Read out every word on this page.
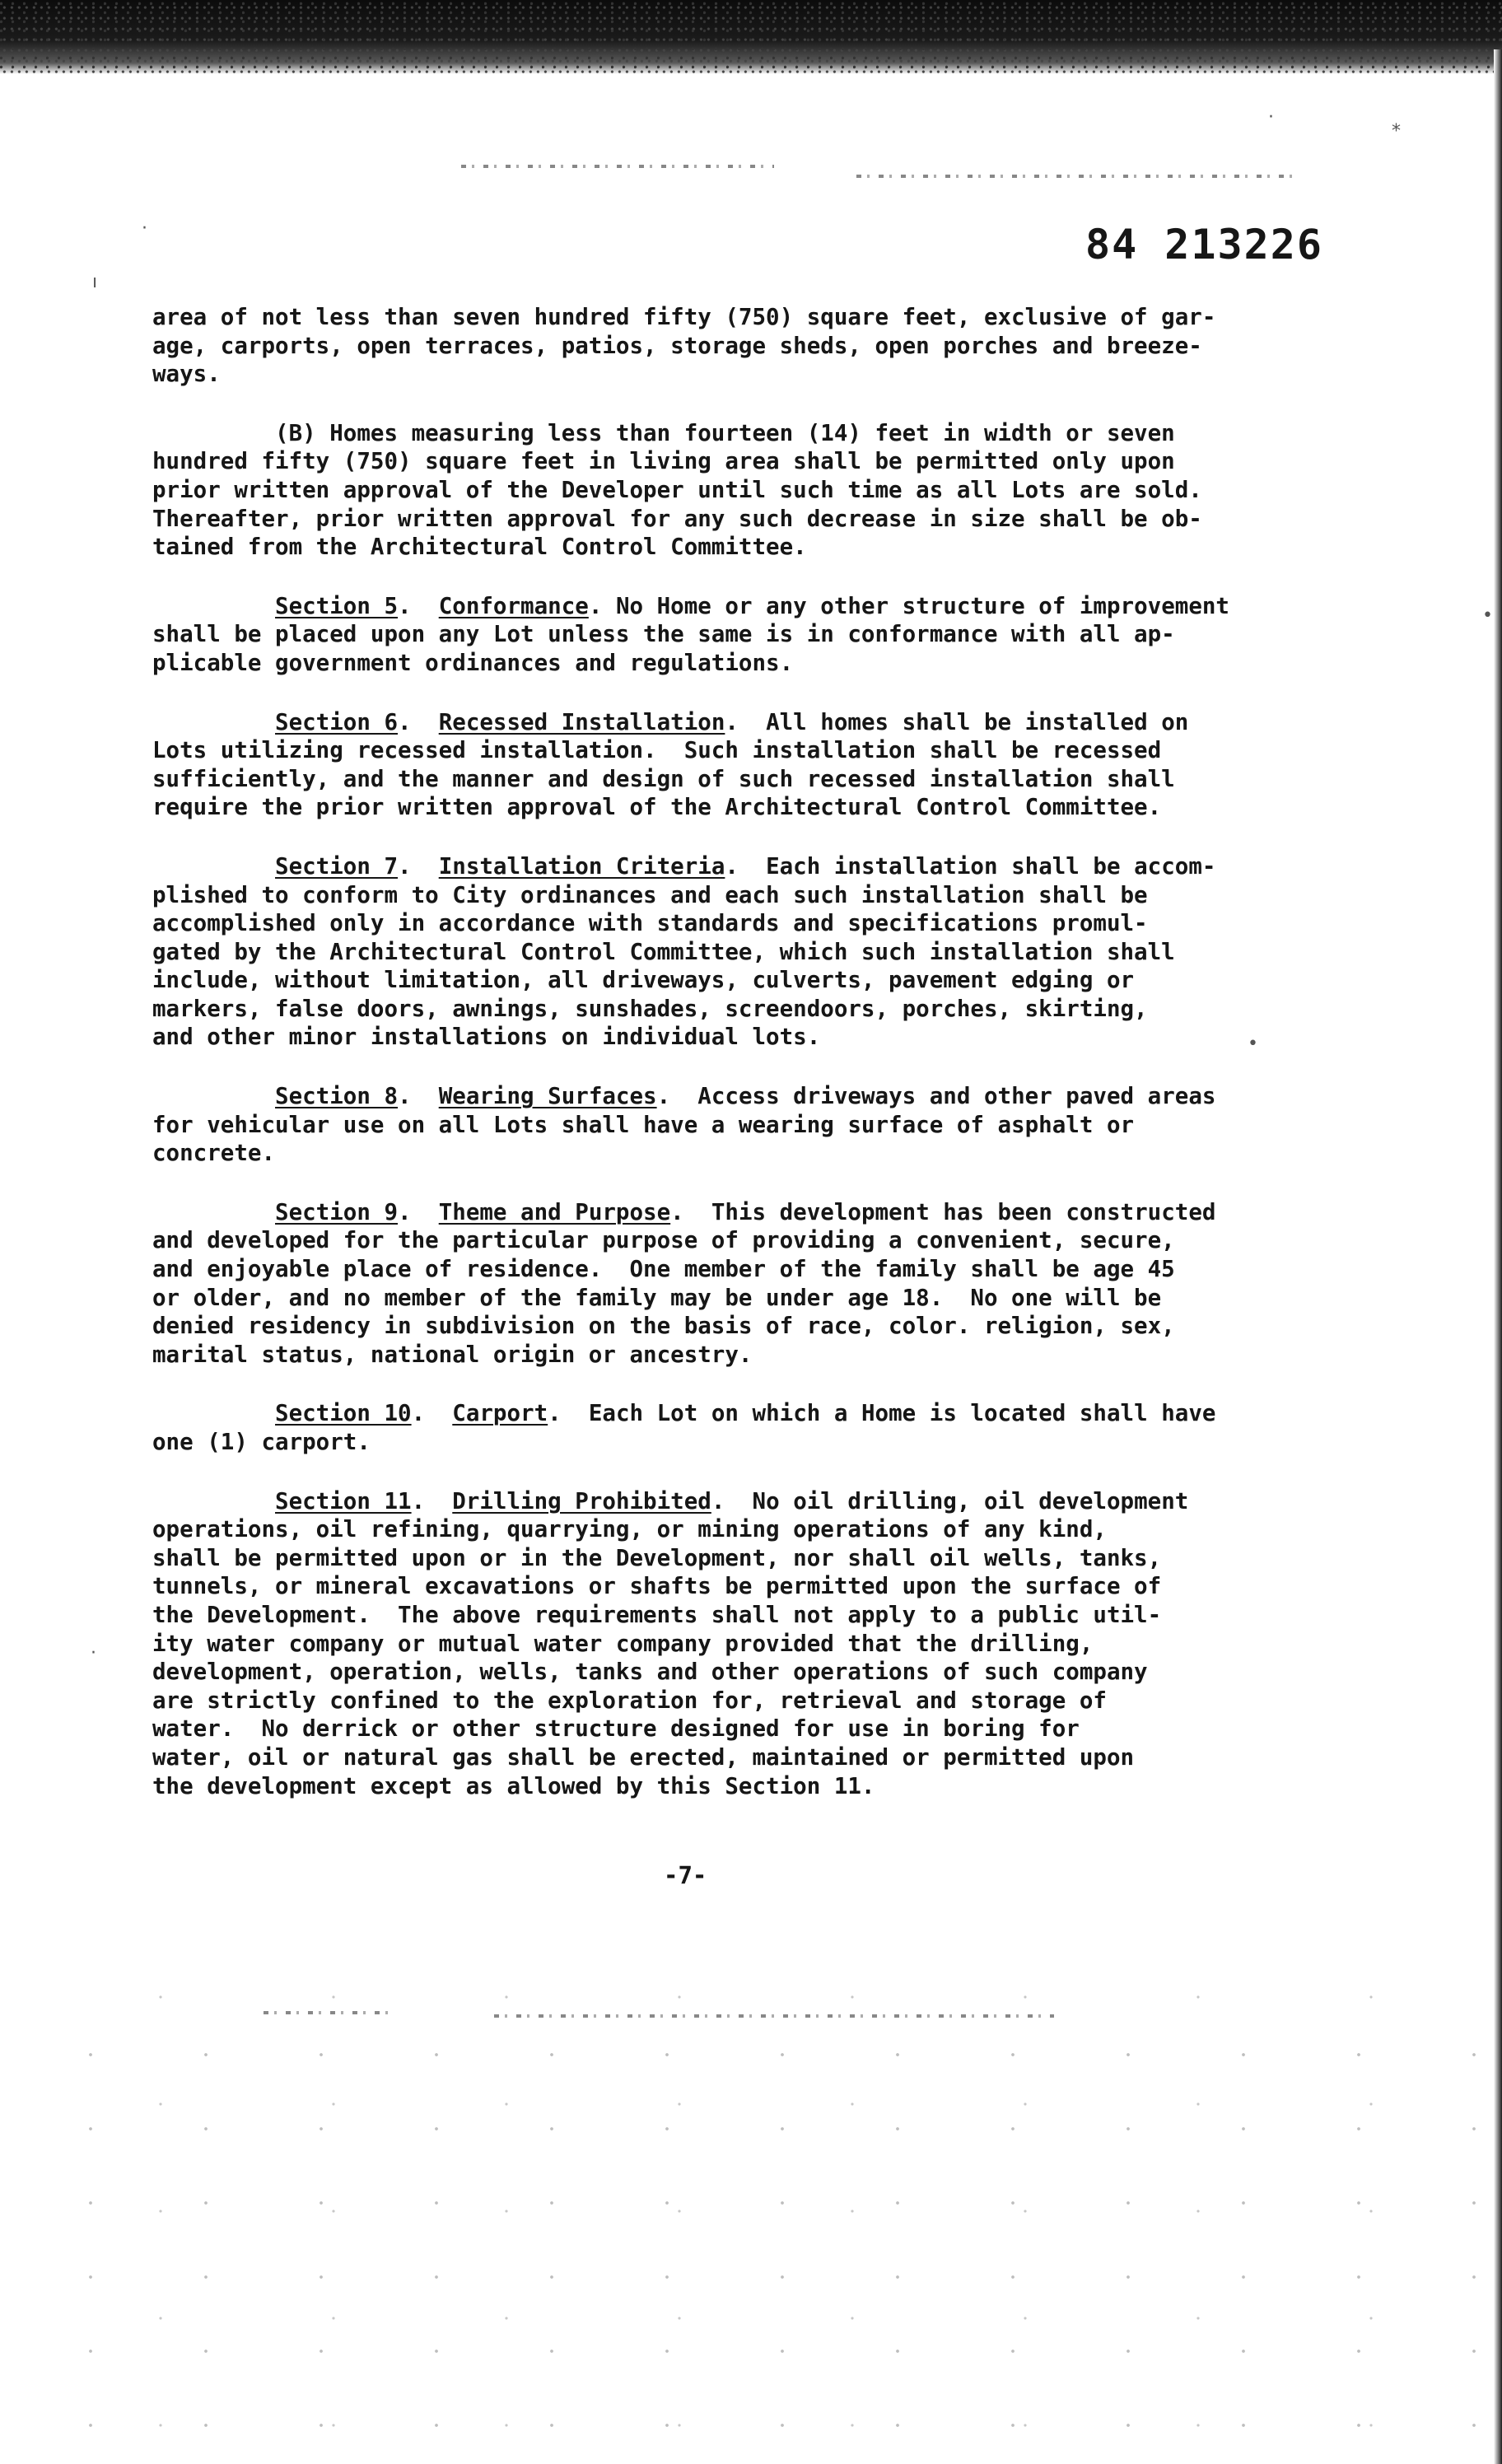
·	⁎
ı
·
•
•
·
84 213226
area of not less than seven hundred fifty (750) square feet, exclusive of gar-
age, carports, open terraces, patios, storage sheds, open porches and breeze-
ways.
(B) Homes measuring less than fourteen (14) feet in width or seven
hundred fifty (750) square feet in living area shall be permitted only upon
prior written approval of the Developer until such time as all Lots are sold.
Thereafter, prior written approval for any such decrease in size shall be ob-
tained from the Architectural Control Committee.
Section 5.  Conformance. No Home or any other structure of improvement
shall be placed upon any Lot unless the same is in conformance with all ap-
plicable government ordinances and regulations.
Section 6.  Recessed Installation.  All homes shall be installed on
Lots utilizing recessed installation.  Such installation shall be recessed
sufficiently, and the manner and design of such recessed installation shall
require the prior written approval of the Architectural Control Committee.
Section 7.  Installation Criteria.  Each installation shall be accom-
plished to conform to City ordinances and each such installation shall be
accomplished only in accordance with standards and specifications promul-
gated by the Architectural Control Committee, which such installation shall
include, without limitation, all driveways, culverts, pavement edging or
markers, false doors, awnings, sunshades, screendoors, porches, skirting,
and other minor installations on individual lots.
Section 8.  Wearing Surfaces.  Access driveways and other paved areas
for vehicular use on all Lots shall have a wearing surface of asphalt or
concrete.
Section 9.  Theme and Purpose.  This development has been constructed
and developed for the particular purpose of providing a convenient, secure,
and enjoyable place of residence.  One member of the family shall be age 45
or older, and no member of the family may be under age 18.  No one will be
denied residency in subdivision on the basis of race, color. religion, sex,
marital status, national origin or ancestry.
Section 10.  Carport.  Each Lot on which a Home is located shall have
one (1) carport.
Section 11.  Drilling Prohibited.  No oil drilling, oil development
operations, oil refining, quarrying, or mining operations of any kind,
shall be permitted upon or in the Development, nor shall oil wells, tanks,
tunnels, or mineral excavations or shafts be permitted upon the surface of
the Development.  The above requirements shall not apply to a public util-
ity water company or mutual water company provided that the drilling,
development, operation, wells, tanks and other operations of such company
are strictly confined to the exploration for, retrieval and storage of
water.  No derrick or other structure designed for use in boring for
water, oil or natural gas shall be erected, maintained or permitted upon
the development except as allowed by this Section 11.
-7-
